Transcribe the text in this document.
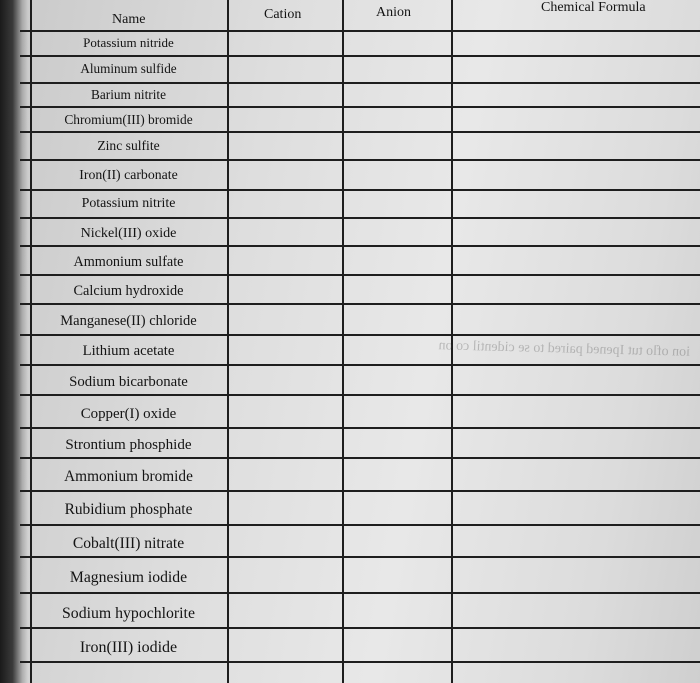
Name	Cation	Anion	Chemical Formula
Potassium nitride
Aluminum sulfide
Barium nitrite
Chromium(III) bromide
Zinc sulfite
Iron(II) carbonate
Potassium nitrite
Nickel(III) oxide
Ammonium sulfate
Calcium hydroxide
Manganese(II) chloride
Lithium acetate
Sodium bicarbonate
Copper(I) oxide
Strontium phosphide
Ammonium bromide
Rubidium phosphate
Cobalt(III) nitrate
Magnesium iodide
Sodium hypochlorite
Iron(III) iodide
ion oflo tut Ipened paired to se cidentil co on
